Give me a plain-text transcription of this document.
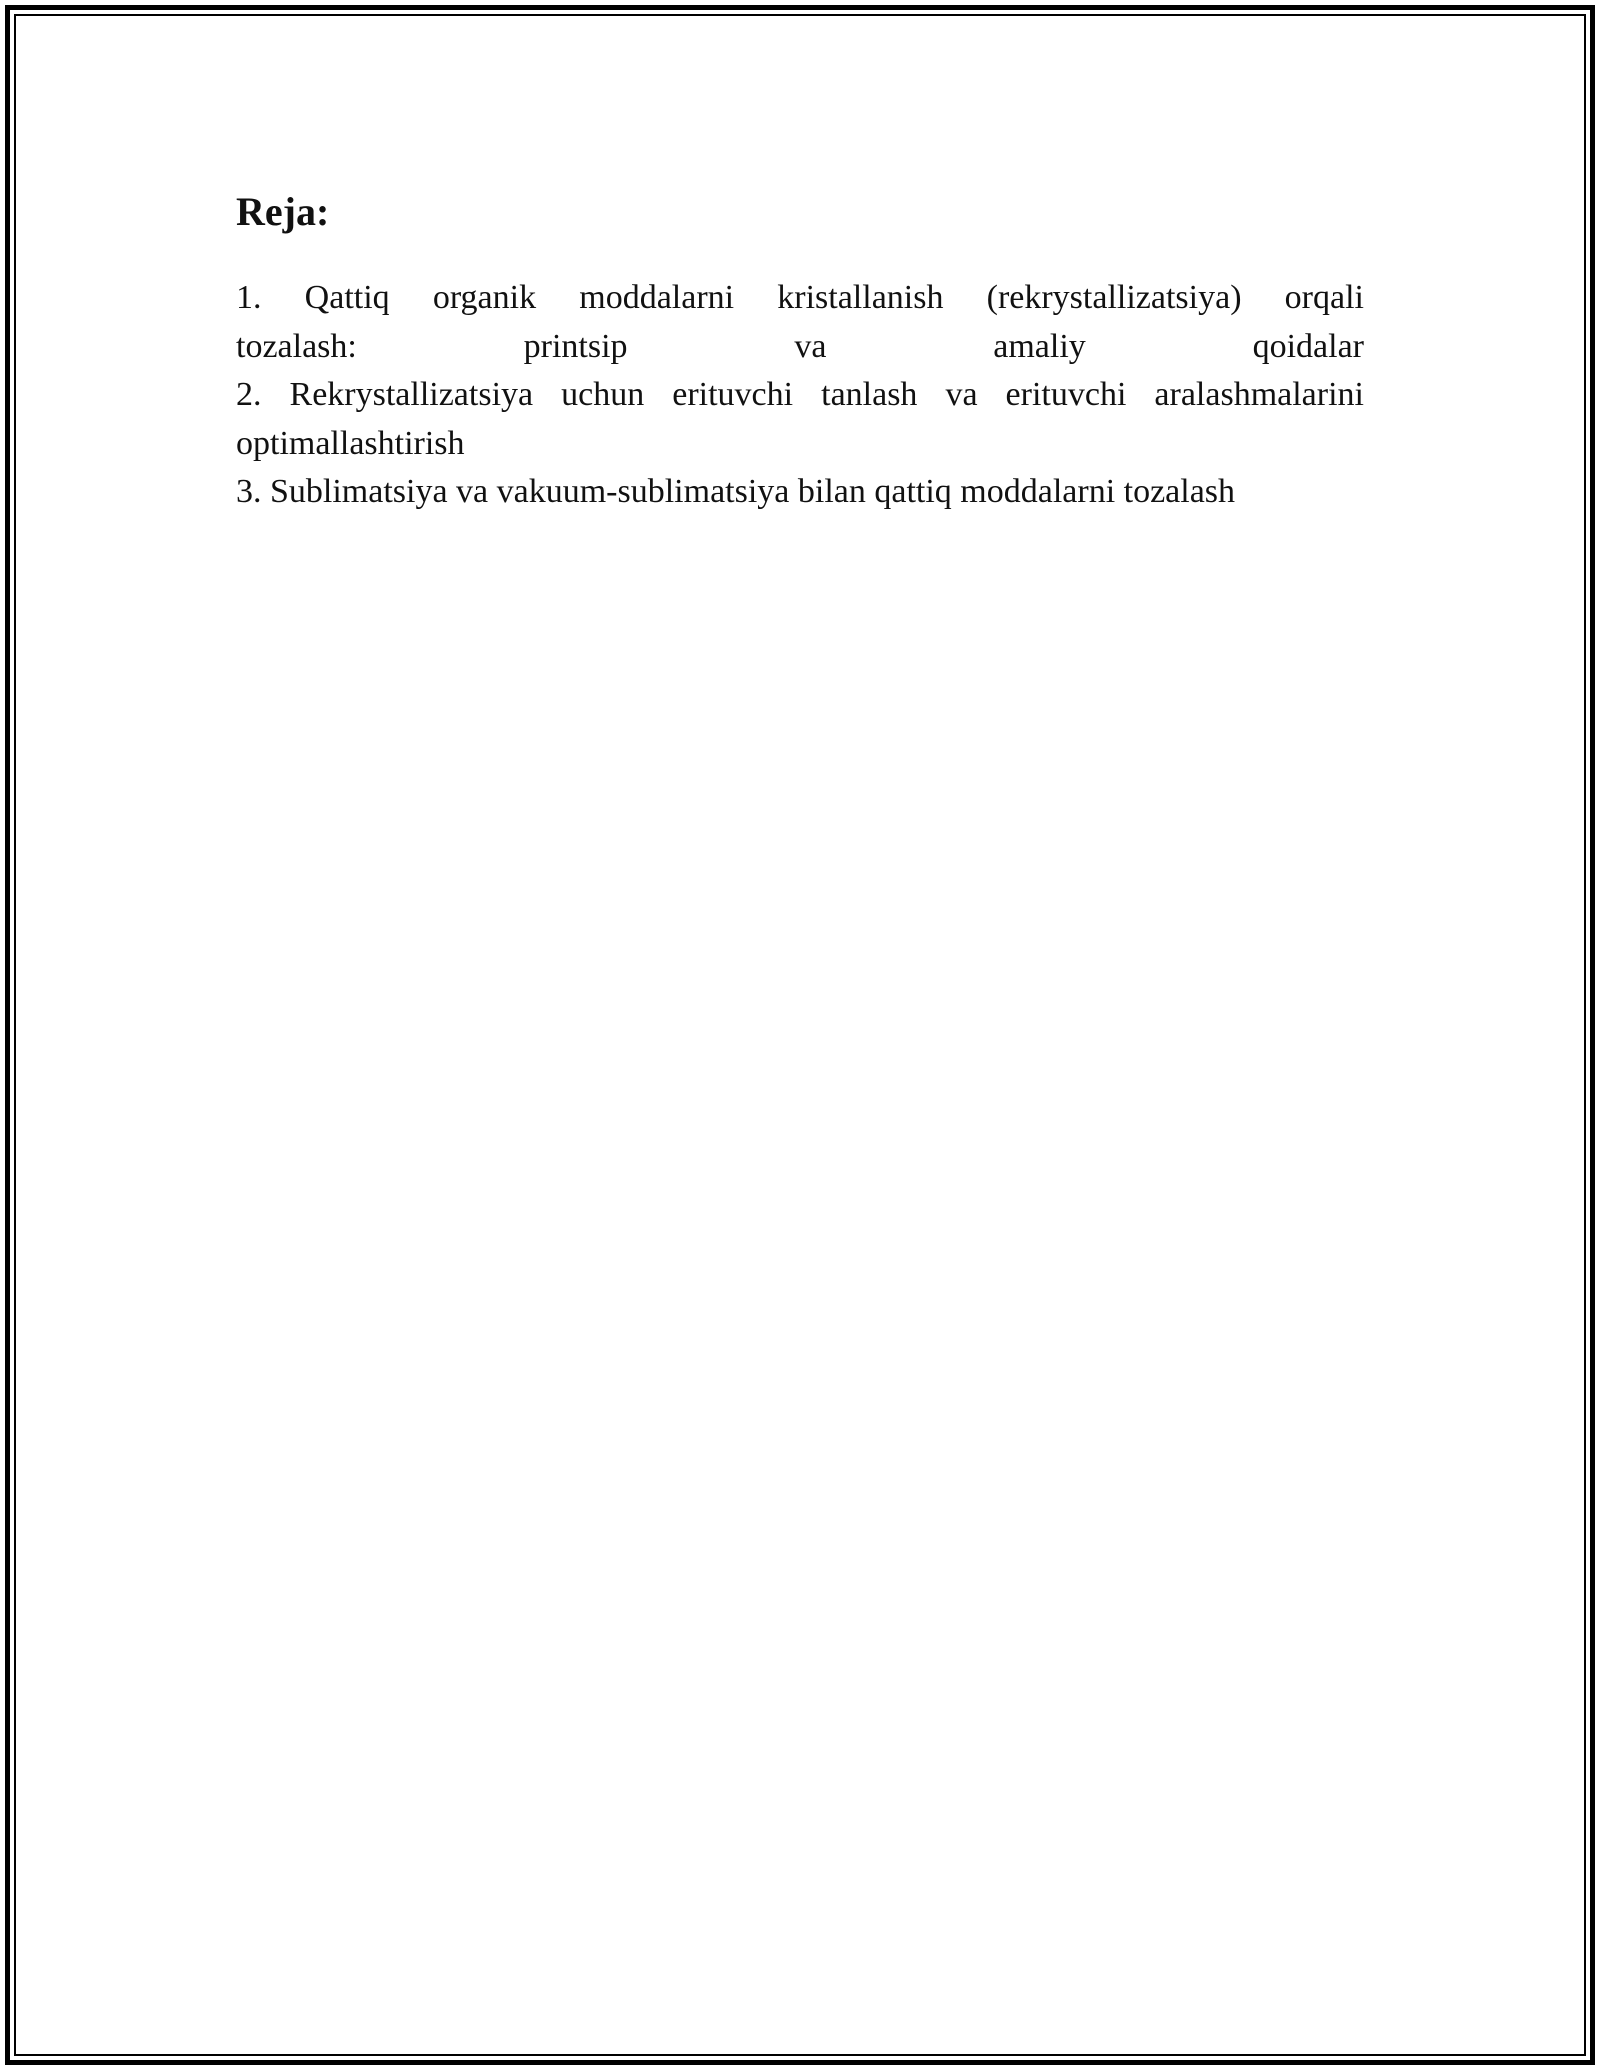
Reja:
1. Qattiq organik moddalarni kristallanish (rekrystallizatsiya) orqali
tozalash: printsip va amaliy qoidalar
2. Rekrystallizatsiya uchun erituvchi tanlash va erituvchi aralashmalarini
optimallashtirish
3. Sublimatsiya va vakuum-sublimatsiya bilan qattiq moddalarni tozalash
